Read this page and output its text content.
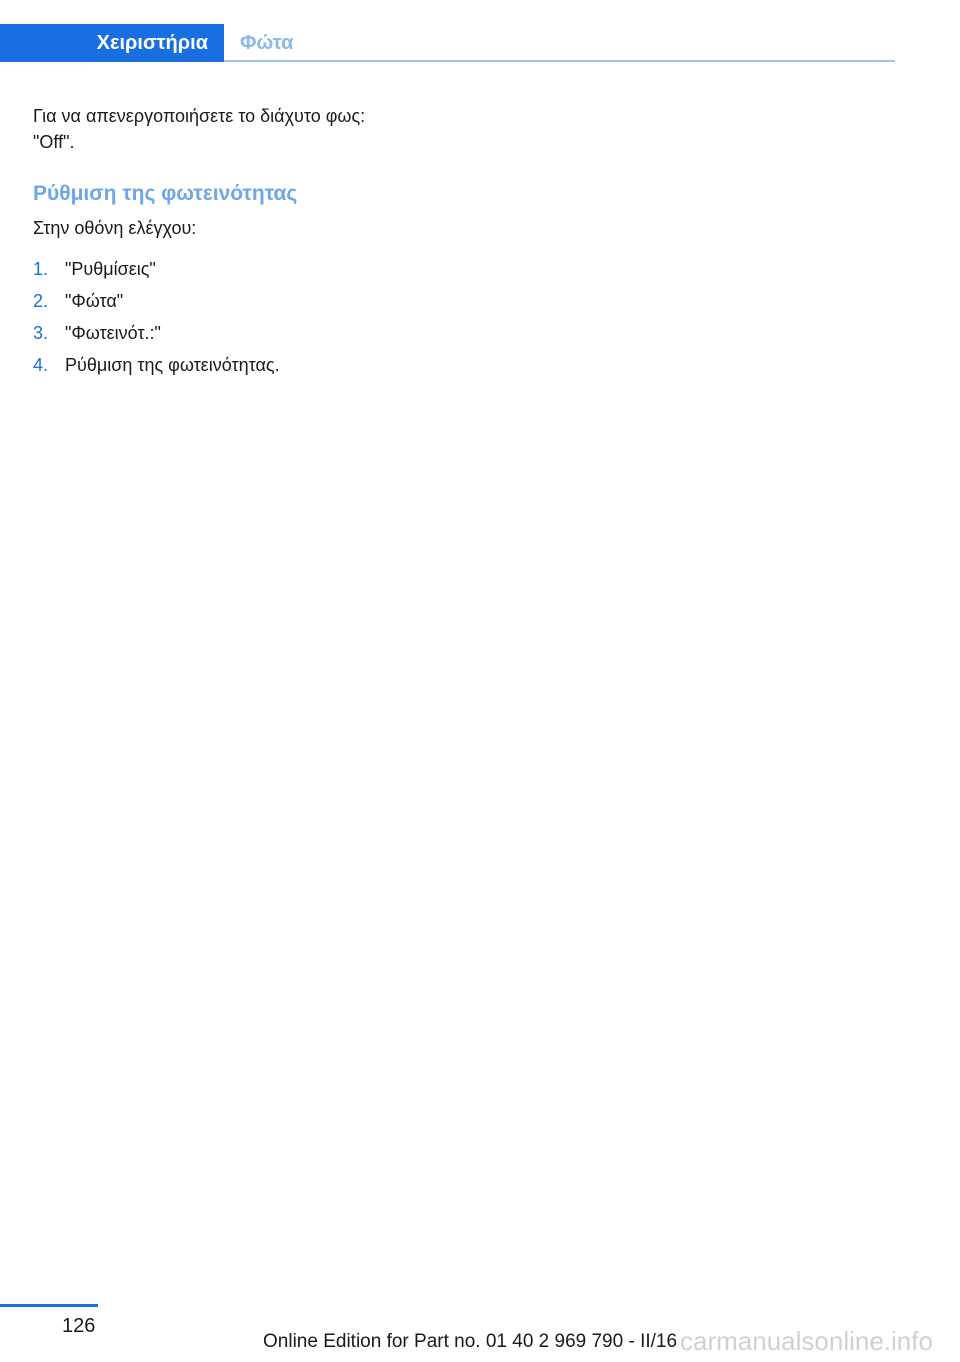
Χειριστήρια	Φώτα

Για να απενεργοποιήσετε το διάχυτο φως:

"Off".

Ρύθμιση της φωτεινότητας

Στην οθόνη ελέγχου:

1. "Ρυθμίσεις"
2. "Φώτα"
3. "Φωτεινότ.:"
4. Ρύθμιση της φωτεινότητας.
126
Online Edition for Part no. 01 40 2 969 790 - II/16 carmanualsonline.info
